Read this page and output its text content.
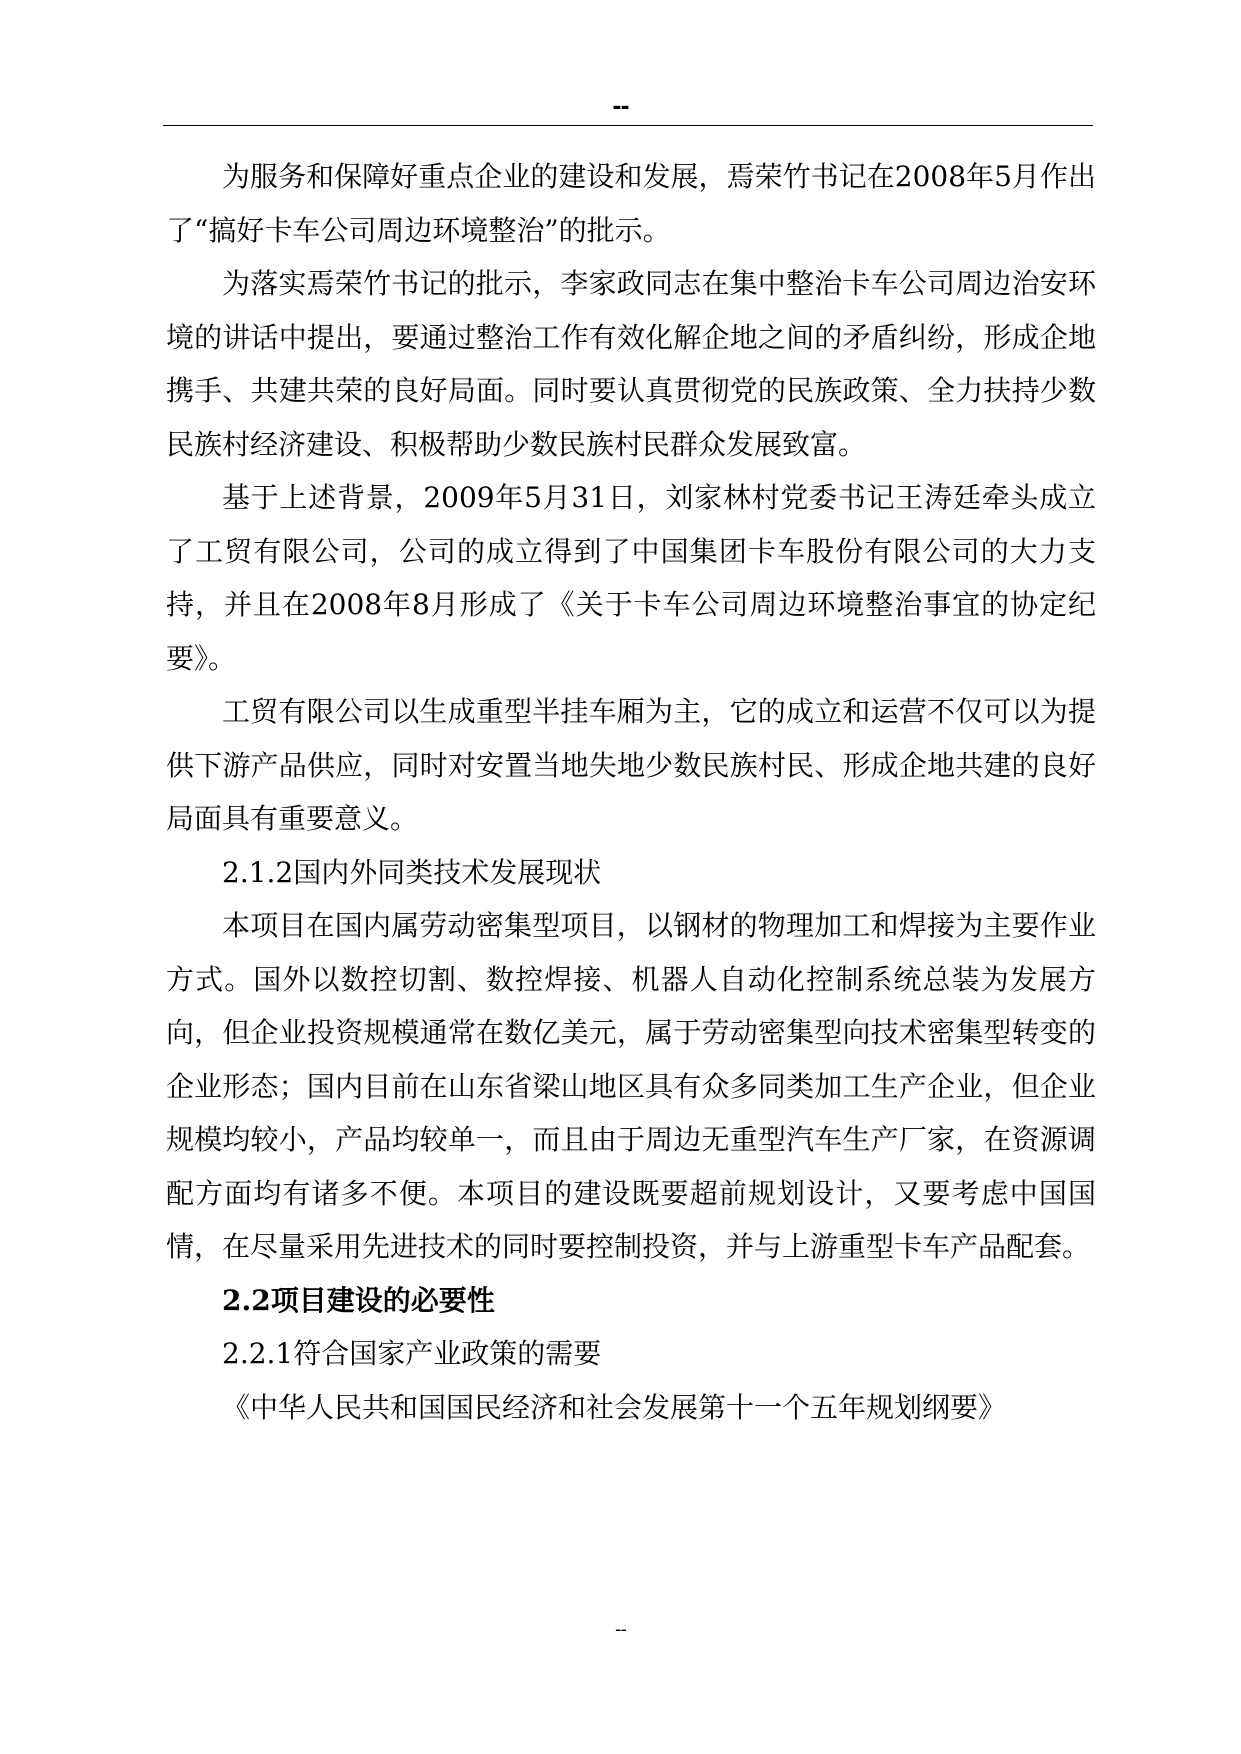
--

为服务和保障好重点企业的建设和发展，焉荣竹书记在2008年5月作出了“搞好卡车公司周边环境整治”的批示。

为落实焉荣竹书记的批示，李家政同志在集中整治卡车公司周边治安环境的讲话中提出，要通过整治工作有效化解企地之间的矛盾纠纷，形成企地携手、共建共荣的良好局面。同时要认真贯彻党的民族政策、全力扶持少数民族村经济建设、积极帮助少数民族村民群众发展致富。

基于上述背景，2009年5月31日，刘家林村党委书记王涛廷牵头成立了工贸有限公司，公司的成立得到了中国集团卡车股份有限公司的大力支持，并且在2008年8月形成了《关于卡车公司周边环境整治事宜的协定纪要》。

工贸有限公司以生成重型半挂车厢为主，它的成立和运营不仅可以为提供下游产品供应，同时对安置当地失地少数民族村民、形成企地共建的良好局面具有重要意义。

2.1.2国内外同类技术发展现状

本项目在国内属劳动密集型项目，以钢材的物理加工和焊接为主要作业方式。国外以数控切割、数控焊接、机器人自动化控制系统总装为发展方向，但企业投资规模通常在数亿美元，属于劳动密集型向技术密集型转变的企业形态；国内目前在山东省梁山地区具有众多同类加工生产企业，但企业规模均较小，产品均较单一，而且由于周边无重型汽车生产厂家，在资源调配方面均有诸多不便。本项目的建设既要超前规划设计，又要考虑中国国情，在尽量采用先进技术的同时要控制投资，并与上游重型卡车产品配套。

2.2项目建设的必要性

2.2.1符合国家产业政策的需要

《中华人民共和国国民经济和社会发展第十一个五年规划纲要》

--
